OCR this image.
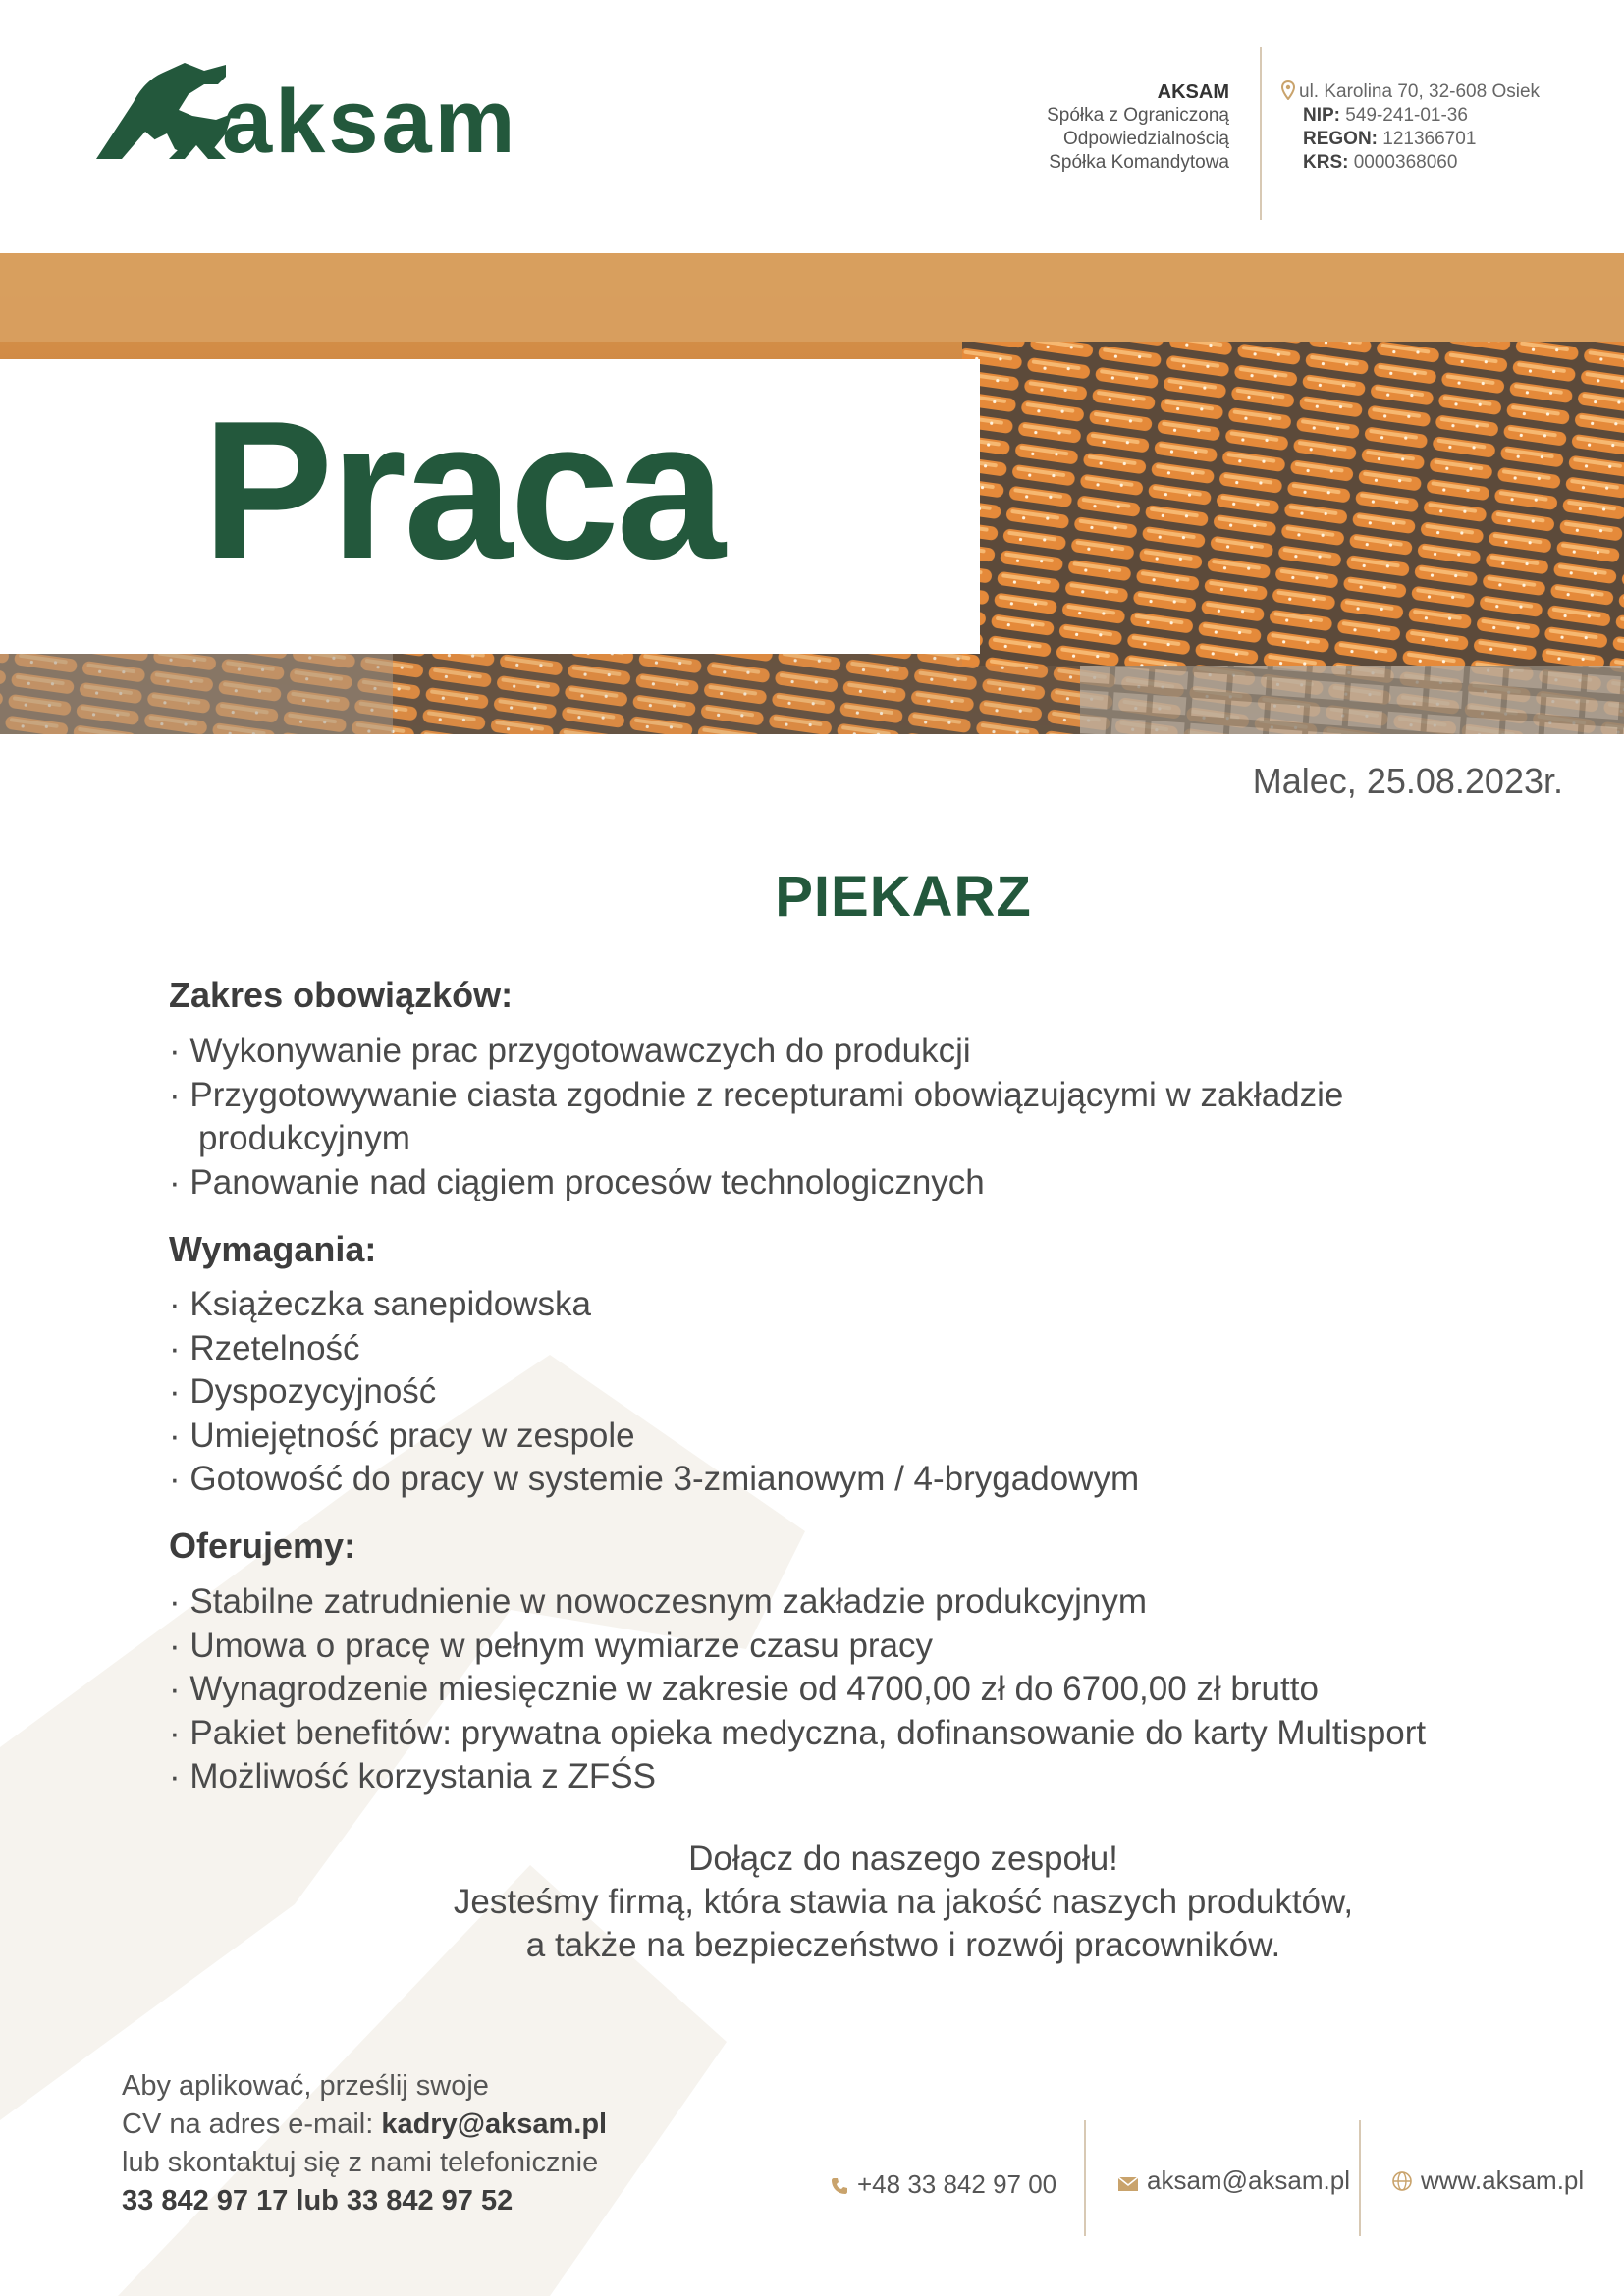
aksam	AKSAM
Spółka z Ograniczoną
Odpowiedzialnością
Spółka Komandytowa
ul. Karolina 70, 32-608 Osiek
NIP: 549-241-01-36
REGON: 121366701
KRS: 0000368060
Praca
Malec, 25.08.2023r.
PIEKARZ
Zakres obowiązków:
· Wykonywanie prac przygotowawczych do produkcji
· Przygotowywanie ciasta zgodnie z recepturami obowiązującymi w zakładzie
produkcyjnym
· Panowanie nad ciągiem procesów technologicznych
Wymagania:
· Książeczka sanepidowska
· Rzetelność
· Dyspozycyjność
· Umiejętność pracy w zespole
· Gotowość do pracy w systemie 3-zmianowym / 4-brygadowym
Oferujemy:
· Stabilne zatrudnienie w nowoczesnym zakładzie produkcyjnym
· Umowa o pracę w pełnym wymiarze czasu pracy
· Wynagrodzenie miesięcznie w zakresie od 4700,00 zł do 6700,00 zł brutto
· Pakiet benefitów: prywatna opieka medyczna, dofinansowanie do karty Multisport
· Możliwość korzystania z ZFŚS
Dołącz do naszego zespołu!
Jesteśmy firmą, która stawia na jakość naszych produktów,
a także na bezpieczeństwo i rozwój pracowników.
Aby aplikować, prześlij swoje
CV na adres e-mail: kadry@aksam.pl
lub skontaktuj się z nami telefonicznie
33 842 97 17 lub 33 842 97 52
+48 33 842 97 00	aksam@aksam.pl	www.aksam.pl
